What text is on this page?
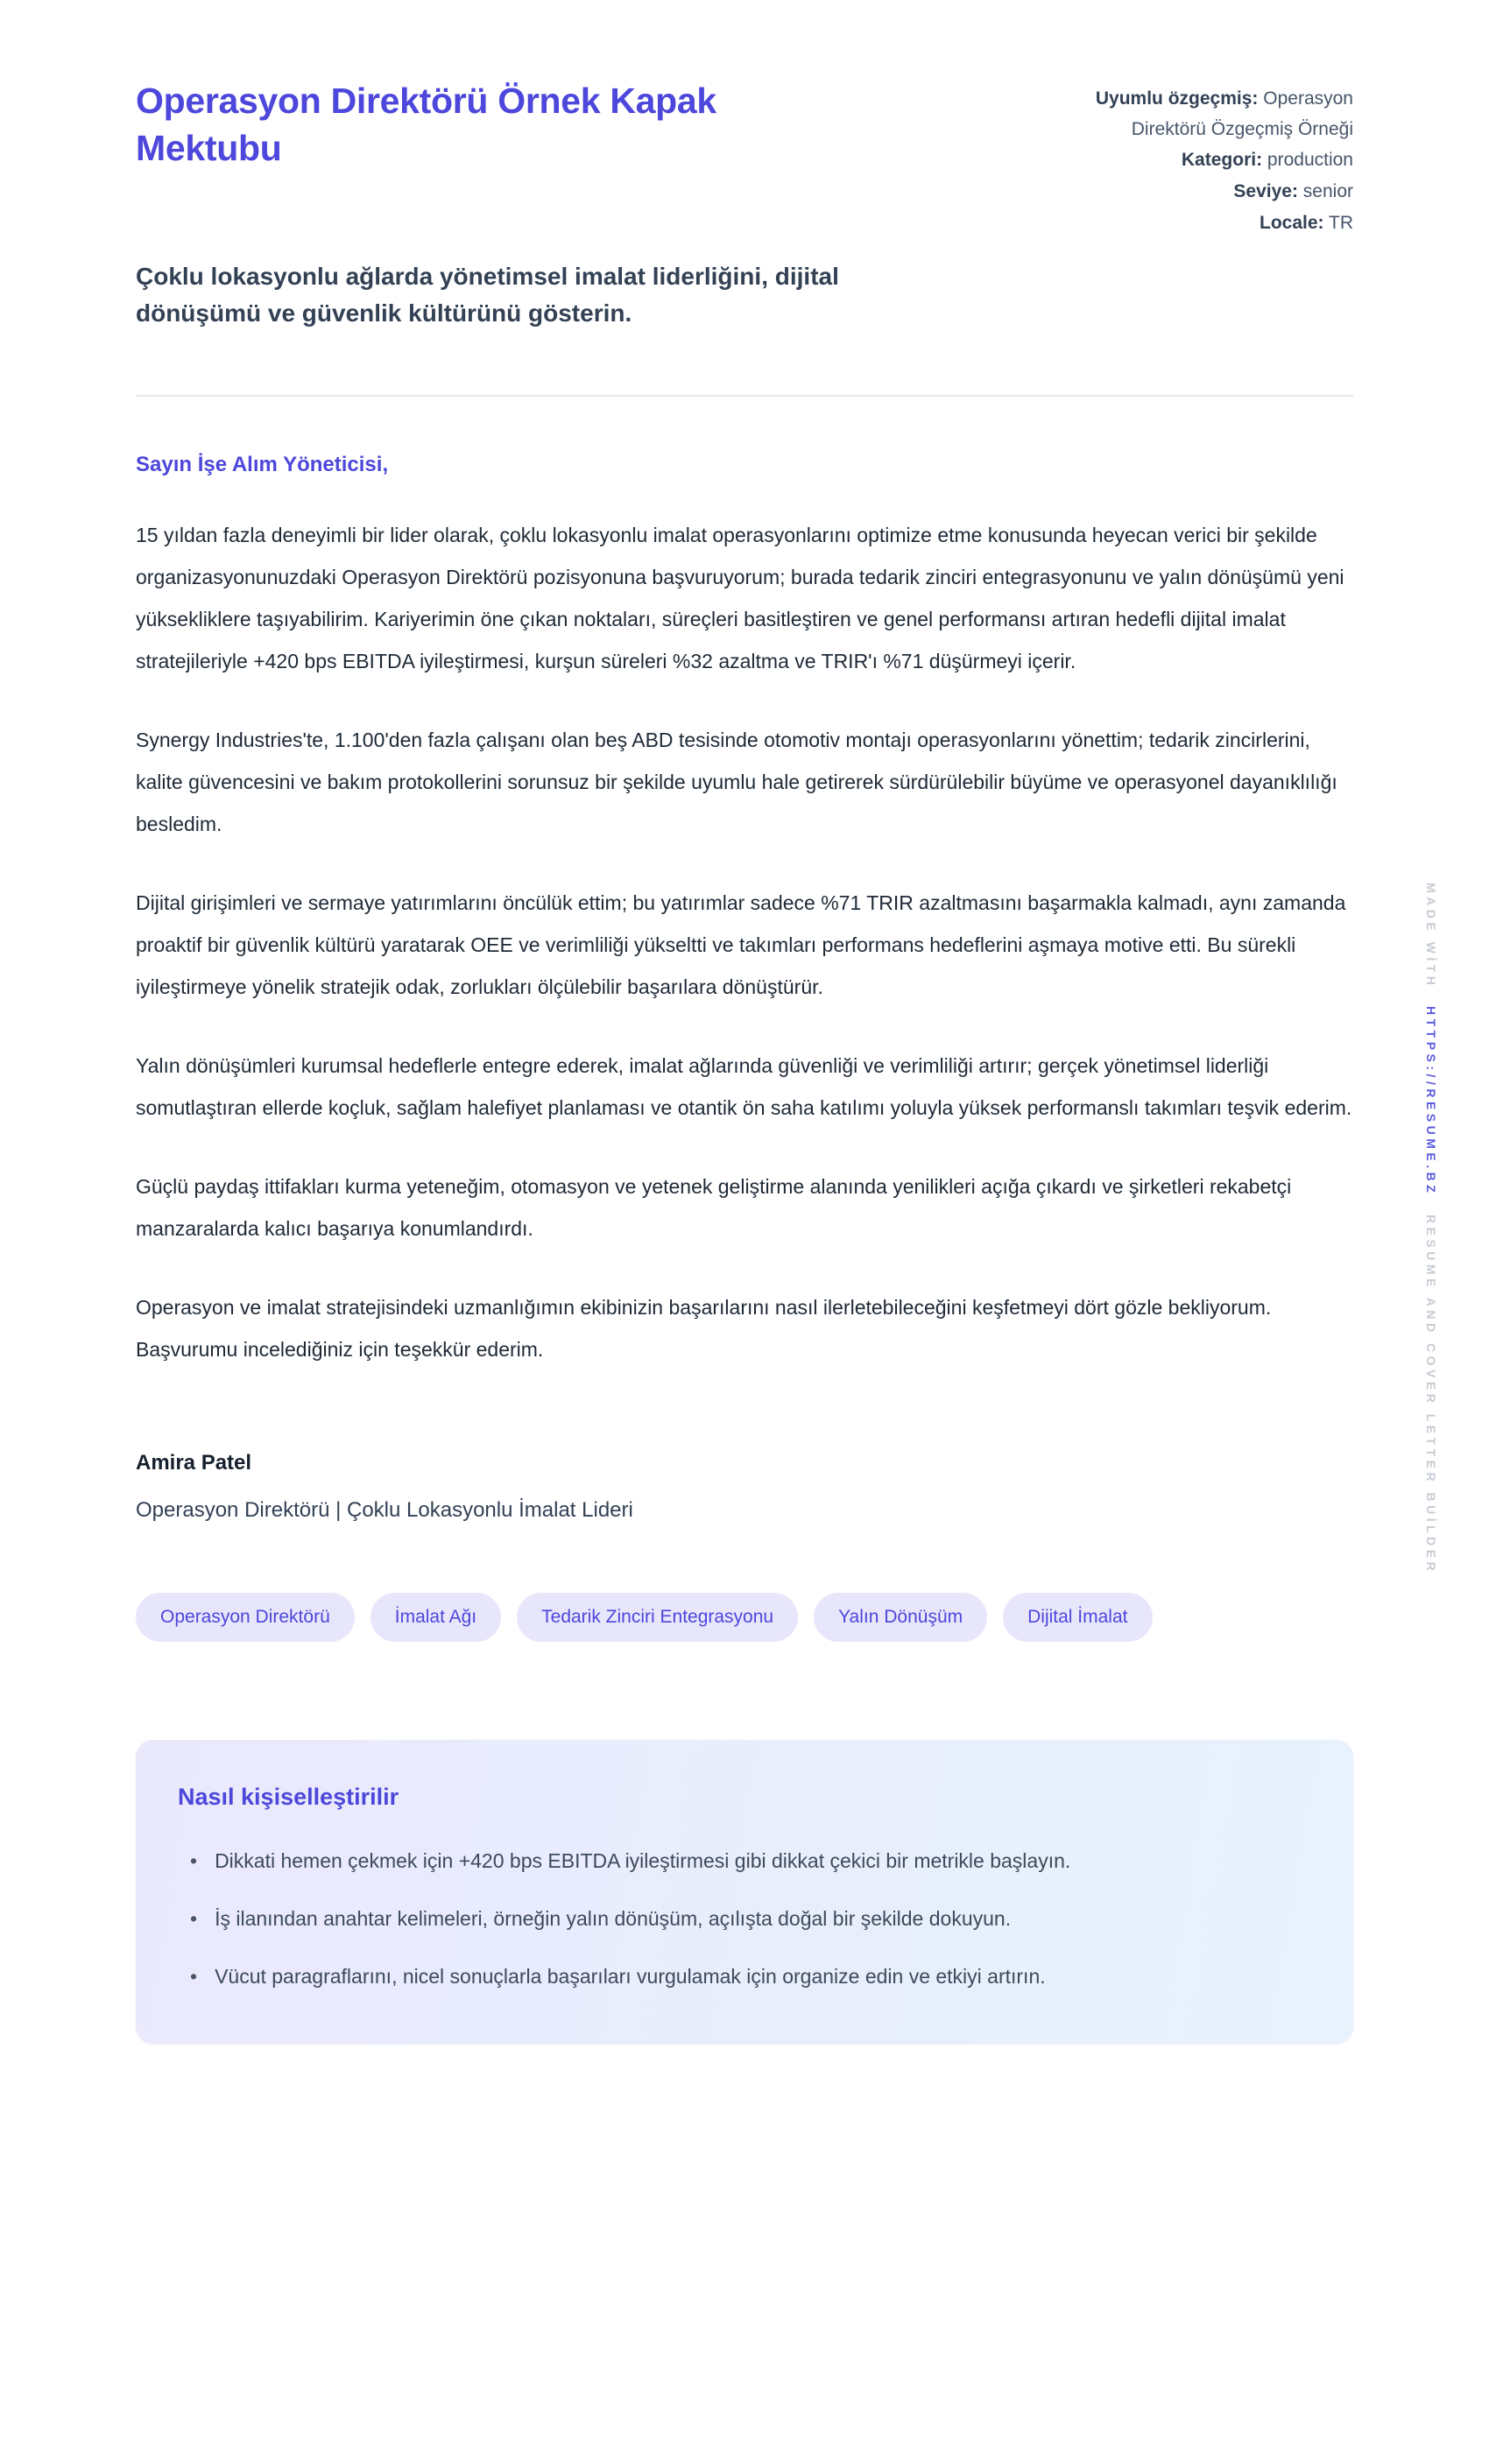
Operasyon Direktörü Örnek Kapak Mektubu
Uyumlu özgeçmiş: Operasyon Direktörü Özgeçmiş Örneği
Kategori: production
Seviye: senior
Locale: TR
Çoklu lokasyonlu ağlarda yönetimsel imalat liderliğini, dijital dönüşümü ve güvenlik kültürünü gösterin.
Sayın İşe Alım Yöneticisi,

15 yıldan fazla deneyimli bir lider olarak, çoklu lokasyonlu imalat operasyonlarını optimize etme konusunda heyecan verici bir şekilde organizasyonunuzdaki Operasyon Direktörü pozisyonuna başvuruyorum; burada tedarik zinciri entegrasyonunu ve yalın dönüşümü yeni yüksekliklere taşıyabilirim. Kariyerimin öne çıkan noktaları, süreçleri basitleştiren ve genel performansı artıran hedefli dijital imalat stratejileriyle +420 bps EBITDA iyileştirmesi, kurşun süreleri %32 azaltma ve TRIR'ı %71 düşürmeyi içerir.

Synergy Industries'te, 1.100'den fazla çalışanı olan beş ABD tesisinde otomotiv montajı operasyonlarını yönettim; tedarik zincirlerini, kalite güvencesini ve bakım protokollerini sorunsuz bir şekilde uyumlu hale getirerek sürdürülebilir büyüme ve operasyonel dayanıklılığı besledim.

Dijital girişimleri ve sermaye yatırımlarını öncülük ettim; bu yatırımlar sadece %71 TRIR azaltmasını başarmakla kalmadı, aynı zamanda proaktif bir güvenlik kültürü yaratarak OEE ve verimliliği yükseltti ve takımları performans hedeflerini aşmaya motive etti. Bu sürekli iyileştirmeye yönelik stratejik odak, zorlukları ölçülebilir başarılara dönüştürür.

Yalın dönüşümleri kurumsal hedeflerle entegre ederek, imalat ağlarında güvenliği ve verimliliği artırır; gerçek yönetimsel liderliği somutlaştıran ellerde koçluk, sağlam halefiyet planlaması ve otantik ön saha katılımı yoluyla yüksek performanslı takımları teşvik ederim.

Güçlü paydaş ittifakları kurma yeteneğim, otomasyon ve yetenek geliştirme alanında yenilikleri açığa çıkardı ve şirketleri rekabetçi manzaralarda kalıcı başarıya konumlandırdı.

Operasyon ve imalat stratejisindeki uzmanlığımın ekibinizin başarılarını nasıl ilerletebileceğini keşfetmeyi dört gözle bekliyorum. Başvurumu incelediğiniz için teşekkür ederim.

Amira Patel
Operasyon Direktörü | Çoklu Lokasyonlu İmalat Lideri
Operasyon Direktörü	İmalat Ağı	Tedarik Zinciri Entegrasyonu	Yalın Dönüşüm	Dijital İmalat
Nasıl kişiselleştirilir
• Dikkati hemen çekmek için +420 bps EBITDA iyileştirmesi gibi dikkat çekici bir metrikle başlayın.
• İş ilanından anahtar kelimeleri, örneğin yalın dönüşüm, açılışta doğal bir şekilde dokuyun.
• Vücut paragraflarını, nicel sonuçlarla başarıları vurgulamak için organize edin ve etkiyi artırın.
MADE WİTH
HTTPS://RESUME.BZ
RESUME AND COVER LETTER BUİLDER
